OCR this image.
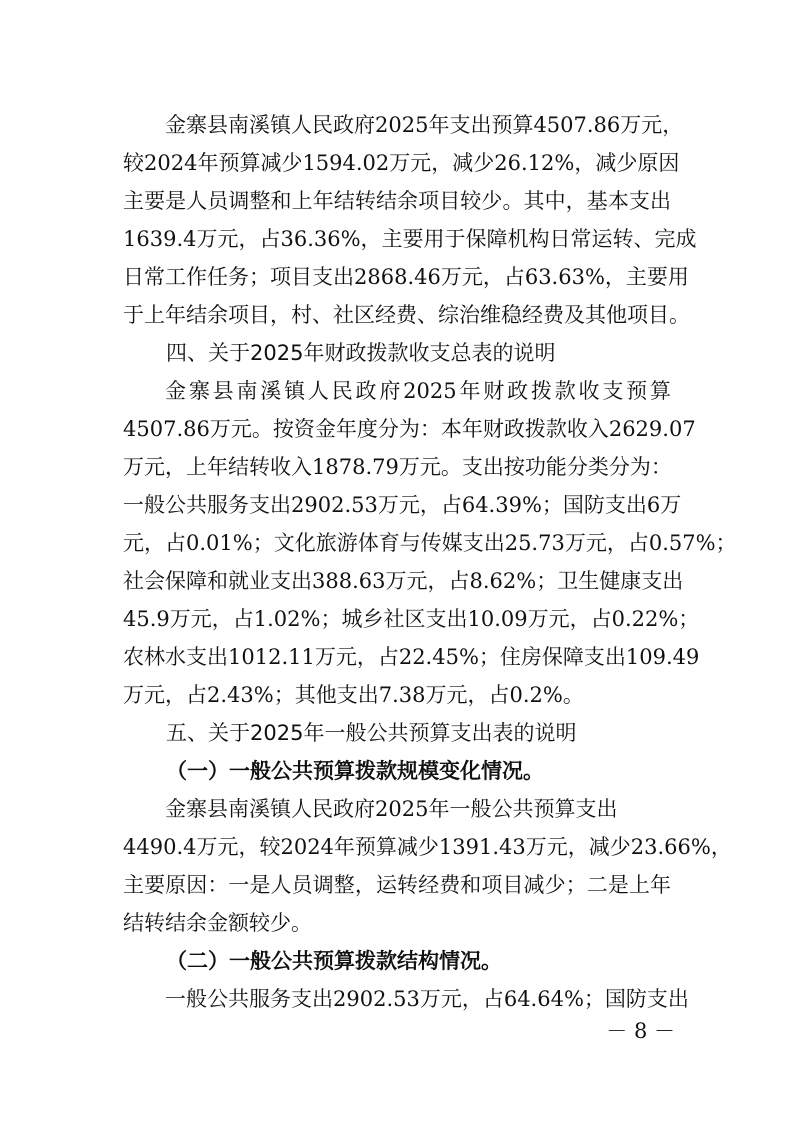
金寨县南溪镇人民政府2025年支出预算4507.86万元，
较2024年预算减少1594.02万元，减少26.12%，减少原因
主要是人员调整和上年结转结余项目较少。其中，基本支出
1639.4万元，占36.36%，主要用于保障机构日常运转、完成
日常工作任务；项目支出2868.46万元，占63.63%，主要用
于上年结余项目，村、社区经费、综治维稳经费及其他项目。
四、关于2025年财政拨款收支总表的说明
金寨县南溪镇人民政府2025年财政拨款收支预算
4507.86万元。按资金年度分为：本年财政拨款收入2629.07
万元，上年结转收入1878.79万元。支出按功能分类分为：
一般公共服务支出2902.53万元，占64.39%；国防支出6万
元，占0.01%；文化旅游体育与传媒支出25.73万元，占0.57%；
社会保障和就业支出388.63万元，占8.62%；卫生健康支出
45.9万元，占1.02%；城乡社区支出10.09万元，占0.22%；
农林水支出1012.11万元，占22.45%；住房保障支出109.49
万元，占2.43%；其他支出7.38万元，占0.2%。
五、关于2025年一般公共预算支出表的说明
（一）一般公共预算拨款规模变化情况。
金寨县南溪镇人民政府2025年一般公共预算支出
4490.4万元，较2024年预算减少1391.43万元，减少23.66%，
主要原因：一是人员调整，运转经费和项目减少；二是上年
结转结余金额较少。
（二）一般公共预算拨款结构情况。
一般公共服务支出2902.53万元，占64.64%；国防支出
－ 8 －
